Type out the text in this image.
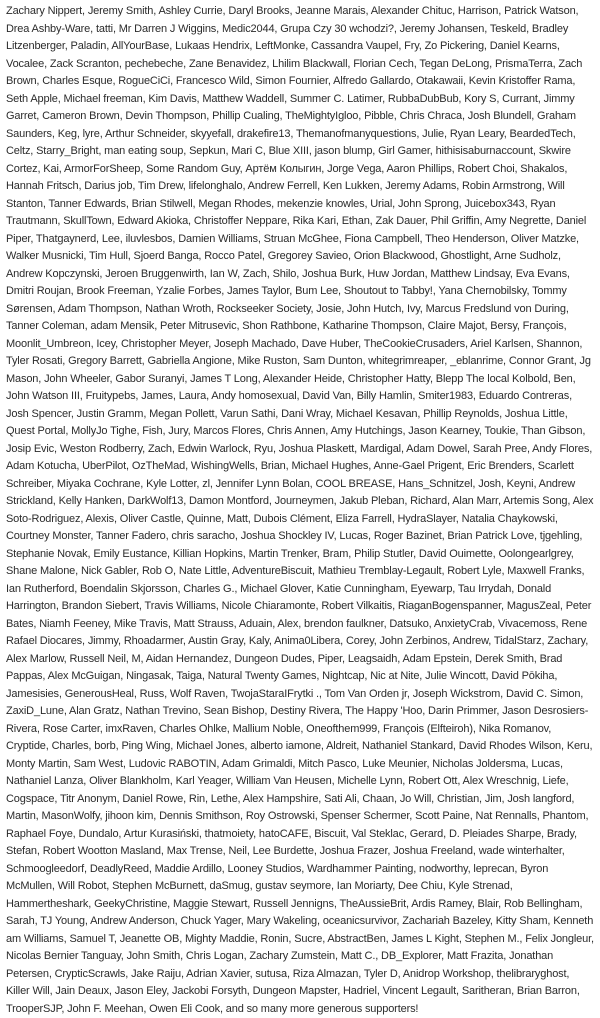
Zachary Nippert, Jeremy Smith, Ashley Currie, Daryl Brooks, Jeanne Marais, Alexander Chituc, Harrison, Patrick Watson, Drea Ashby-Ware, tatti, Mr Darren J Wiggins, Medic2044, Grupa Czy 30 wchodzi?, Jeremy Johansen, Teskeld, Bradley Litzenberger, Paladin, AllYourBase, Lukaas Hendrix, LeftMonke, Cassandra Vaupel, Fry, Zo Pickering, Daniel Kearns, Vocalee, Zack Scranton, pechebeche, Zane Benavidez, Lhilim Blackwall, Florian Cech, Tegan DeLong, PrismaTerra, Zach Brown, Charles Esque, RogueCiCi, Francesco Wild, Simon Fournier, Alfredo Gallardo, Otakawaii, Kevin Kristoffer Rama, Seth Apple, Michael freeman, Kim Davis, Matthew Waddell, Summer C. Latimer, RubbaDubBub, Kory S, Currant, Jimmy Garret, Cameron Brown, Devin Thompson, Phillip Cualing, TheMightyIgloo, Pibble, Chris Chraca, Josh Blundell, Graham Saunders, Keg, lyre, Arthur Schneider, skyyefall, drakefire13, Themanofmanyquestions, Julie, Ryan Leary, BeardedTech, Celtz, Starry_Bright, man eating soup, Sepkun, Mari C, Blue XIII, jason blump, Girl Gamer, hithisisaburnaccount, Skwire Cortez, Kai, ArmorForSheep, Some Random Guy, Артём Колыгин, Jorge Vega, Aaron Phillips, Robert Choi, Shakalos, Hannah Fritsch, Darius job, Tim Drew, lifelonghalo, Andrew Ferrell, Ken Lukken, Jeremy Adams, Robin Armstrong, Will Stanton, Tanner Edwards, Brian Stilwell, Megan Rhodes, mekenzie knowles, Urial, John Sprong, Juicebox343, Ryan Trautmann, SkullTown, Edward Akioka, Christoffer Neppare, Rika Kari, Ethan, Zak Dauer, Phil Griffin, Amy Negrette, Daniel Piper, Thatgaynerd, Lee, iluvlesbos, Damien Williams, Struan McGhee, Fiona Campbell, Theo Henderson, Oliver Matzke, Walker Musnicki, Tim Hull, Sjoerd Banga, Rocco Patel, Gregorey Savieo, Orion Blackwood, Ghostlight, Arne Sudholz, Andrew Kopczynski, Jeroen Bruggenwirth, Ian W, Zach, Shilo, Joshua Burk, Huw Jordan, Matthew Lindsay, Eva Evans, Dmitri Roujan, Brook Freeman, Yzalie Forbes, James Taylor, Bum Lee, Shoutout to Tabby!, Yana Chernobilsky, Tommy Sørensen, Adam Thompson, Nathan Wroth, Rockseeker Society, Josie, John Hutch, Ivy, Marcus Fredslund von During, Tanner Coleman, adam Mensik, Peter Mitrusevic, Shon Rathbone, Katharine Thompson, Claire Majot, Bersy, François, Moonlit_Umbreon, Icey, Christopher Meyer, Joseph Machado, Dave Huber, TheCookieCrusaders, Ariel Karlsen, Shannon, Tyler Rosati, Gregory Barrett, Gabriella Angione, Mike Ruston, Sam Dunton, whitegrimreaper, _eblanrime, Connor Grant, Jg Mason, John Wheeler, Gabor Suranyi, James T Long, Alexander Heide, Christopher Hatty, Blepp The local Kolbold, Ben, John Watson III, Fruitypebs, James, Laura, Andy homosexual, David Van, Billy Hamlin, Smiter1983, Eduardo Contreras, Josh Spencer, Justin Gramm, Megan Pollett, Varun Sathi, Dani Wray, Michael Kesavan, Phillip Reynolds, Joshua Little, Quest Portal, MollyJo Tighe, Fish, Jury, Marcos Flores, Chris Annen, Amy Hutchings, Jason Kearney, Toukie, Than Gibson, Josip Evic, Weston Rodberry, Zach, Edwin Warlock, Ryu, Joshua Plaskett, Mardigal, Adam Dowel, Sarah Pree, Andy Flores, Adam Kotucha, UberPilot, OzTheMad, WishingWells, Brian, Michael Hughes, Anne-Gael Prigent, Eric Brenders, Scarlett Schreiber, Miyaka Cochrane, Kyle Lotter, zl, Jennifer Lynn Bolan, COOL BREASE, Hans_Schnitzel, Josh, Keyni, Andrew Strickland, Kelly Hanken, DarkWolf13, Damon Montford, Journeymen, Jakub Pleban, Richard, Alan Marr, Artemis Song, Alex Soto-Rodriguez, Alexis, Oliver Castle, Quinne, Matt, Dubois Clément, Eliza Farrell, HydraSlayer, Natalia Chaykowski, Courtney Monster, Tanner Fadero, chris saracho, Joshua Shockley IV, Lucas, Roger Bazinet, Brian Patrick Love, tjgehling, Stephanie Novak, Emily Eustance, Killian Hopkins, Martin Trenker, Bram, Philip Stutler, David Ouimette, Oolongearlgrey, Shane Malone, Nick Gabler, Rob O, Nate Little, AdventureBiscuit, Mathieu Tremblay-Legault, Robert Lyle, Maxwell Franks, Ian Rutherford, Boendalin Skjorsson, Charles G., Michael Glover, Katie Cunningham, Eyewarp, Tau Irrydah, Donald Harrington, Brandon Siebert, Travis Williams, Nicole Chiaramonte, Robert Vilkaitis, RiaganBogenspanner, MagusZeal, Peter Bates, Niamh Feeney, Mike Travis, Matt Strauss, Aduain, Alex, brendon faulkner, Datsuko, AnxietyCrab, Vivacemoss, Rene Rafael Diocares, Jimmy, Rhoadarmer, Austin Gray, Kaly, Anima0Libera, Corey, John Zerbinos, Andrew, TidalStarz, Zachary, Alex Marlow, Russell Neil, M, Aidan Hernandez, Dungeon Dudes, Piper, Leagsaidh, Adam Epstein, Derek Smith, Brad Pappas, Alex McGuigan, Ningasak, Taiga, Natural Twenty Games, Nightcap, Nic at Nite, Julie Wincott, David Pōkiha, Jamesisies, GenerousHeal, Russ, Wolf Raven, TwojaStaraIFrytki ., Tom Van Orden jr, Joseph Wickstrom, David C. Simon, ZaxiD_Lune, Alan Gratz, Nathan Trevino, Sean Bishop, Destiny Rivera, The Happy 'Hoo, Darin Primmer, Jason Desrosiers-Rivera, Rose Carter, imxRaven, Charles Ohlke, Mallium Noble, Oneofthem999, François (Elfteiroh), Nika Romanov, Cryptide, Charles, borb, Ping Wing, Michael Jones, alberto iamone, Aldreit, Nathaniel Stankard, David Rhodes Wilson, Keru, Monty Martin, Sam West, Ludovic RABOTIN, Adam Grimaldi, Mitch Pasco, Luke Meunier, Nicholas Joldersma, Lucas, Nathaniel Lanza, Oliver Blankholm, Karl Yeager, William Van Heusen, Michelle Lynn, Robert Ott, Alex Wreschnig, Liefe, Cogspace, Titr Anonym, Daniel Rowe, Rin, Lethe, Alex Hampshire, Sati Ali, Chaan, Jo Will, Christian, Jim, Josh langford, Martin, MasonWolfy, jihoon kim, Dennis Smithson, Roy Ostrowski, Spenser Schermer, Scott Paine, Nat Rennalls, Phantom, Raphael Foye, Dundalo, Artur Kurasiński, thatmoiety, hatoCAFE, Biscuit, Val Steklac, Gerard, D. Pleiades Sharpe, Brady, Stefan, Robert Wootton Masland, Max Trense, Neil, Lee Burdette, Joshua Frazer, Joshua Freeland, wade winterhalter, Schmoogleedorf, DeadlyReed, Maddie Ardillo, Looney Studios, Wardhammer Painting, nodworthy, leprecan, Byron McMullen, Will Robot, Stephen McBurnett, daSmug, gustav seymore, Ian Moriarty, Dee Chiu, Kyle Strenad, Hammertheshark, GeekyChristine, Maggie Stewart, Russell Jennigns, TheAussieBrit, Ardis Ramey, Blair, Rob Bellingham, Sarah, TJ Young, Andrew Anderson, Chuck Yager, Mary Wakeling, oceanicsurvivor, Zachariah Bazeley, Kitty Sham, Kenneth am Williams, Samuel T, Jeanette OB, Mighty Maddie, Ronin, Sucre, AbstractBen, James L Kight, Stephen M., Felix Jongleur, Nicolas Bernier Tanguay, John Smith, Chris Logan, Zachary Zumstein, Matt C., DB_Explorer, Matt Frazita, Jonathan Petersen, CrypticScrawls, Jake Raiju, Adrian Xavier, sutusa, Riza Almazan, Tyler D, Anidrop Workshop, thelibraryghost, Killer Will, Jain Deaux, Jason Eley, Jackobi Forsyth, Dungeon Mapster, Hadriel, Vincent Legault, Saritheran, Brian Barron, TrooperSJP, John F. Meehan, Owen Eli Cook, and so many more generous supporters!
